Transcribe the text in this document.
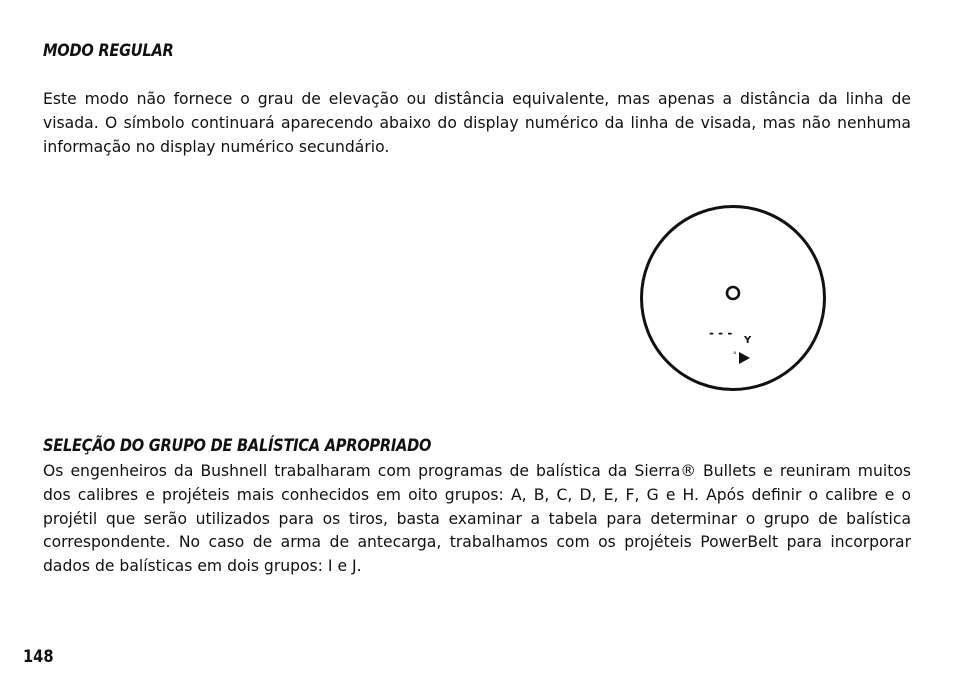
MODO REGULAR

Este modo não fornece o grau de elevação ou distância equivalente, mas apenas a distância da linha de visada. O símbolo continuará aparecendo abaixo do display numérico da linha de visada, mas não nenhuma informação no display numérico secundário.

- - -
Y
°
SELEÇÃO DO GRUPO DE BALÍSTICA APROPRIADO

Os engenheiros da Bushnell trabalharam com programas de balística da Sierra® Bullets e reuniram muitos dos calibres e projéteis mais conhecidos em oito grupos: A, B, C, D, E, F, G e H. Após definir o calibre e o projétil que serão utilizados para os tiros, basta examinar a tabela para determinar o grupo de balística correspondente. No caso de arma de antecarga, trabalhamos com os projéteis PowerBelt para incorporar dados de balísticas em dois grupos: I e J.

148
